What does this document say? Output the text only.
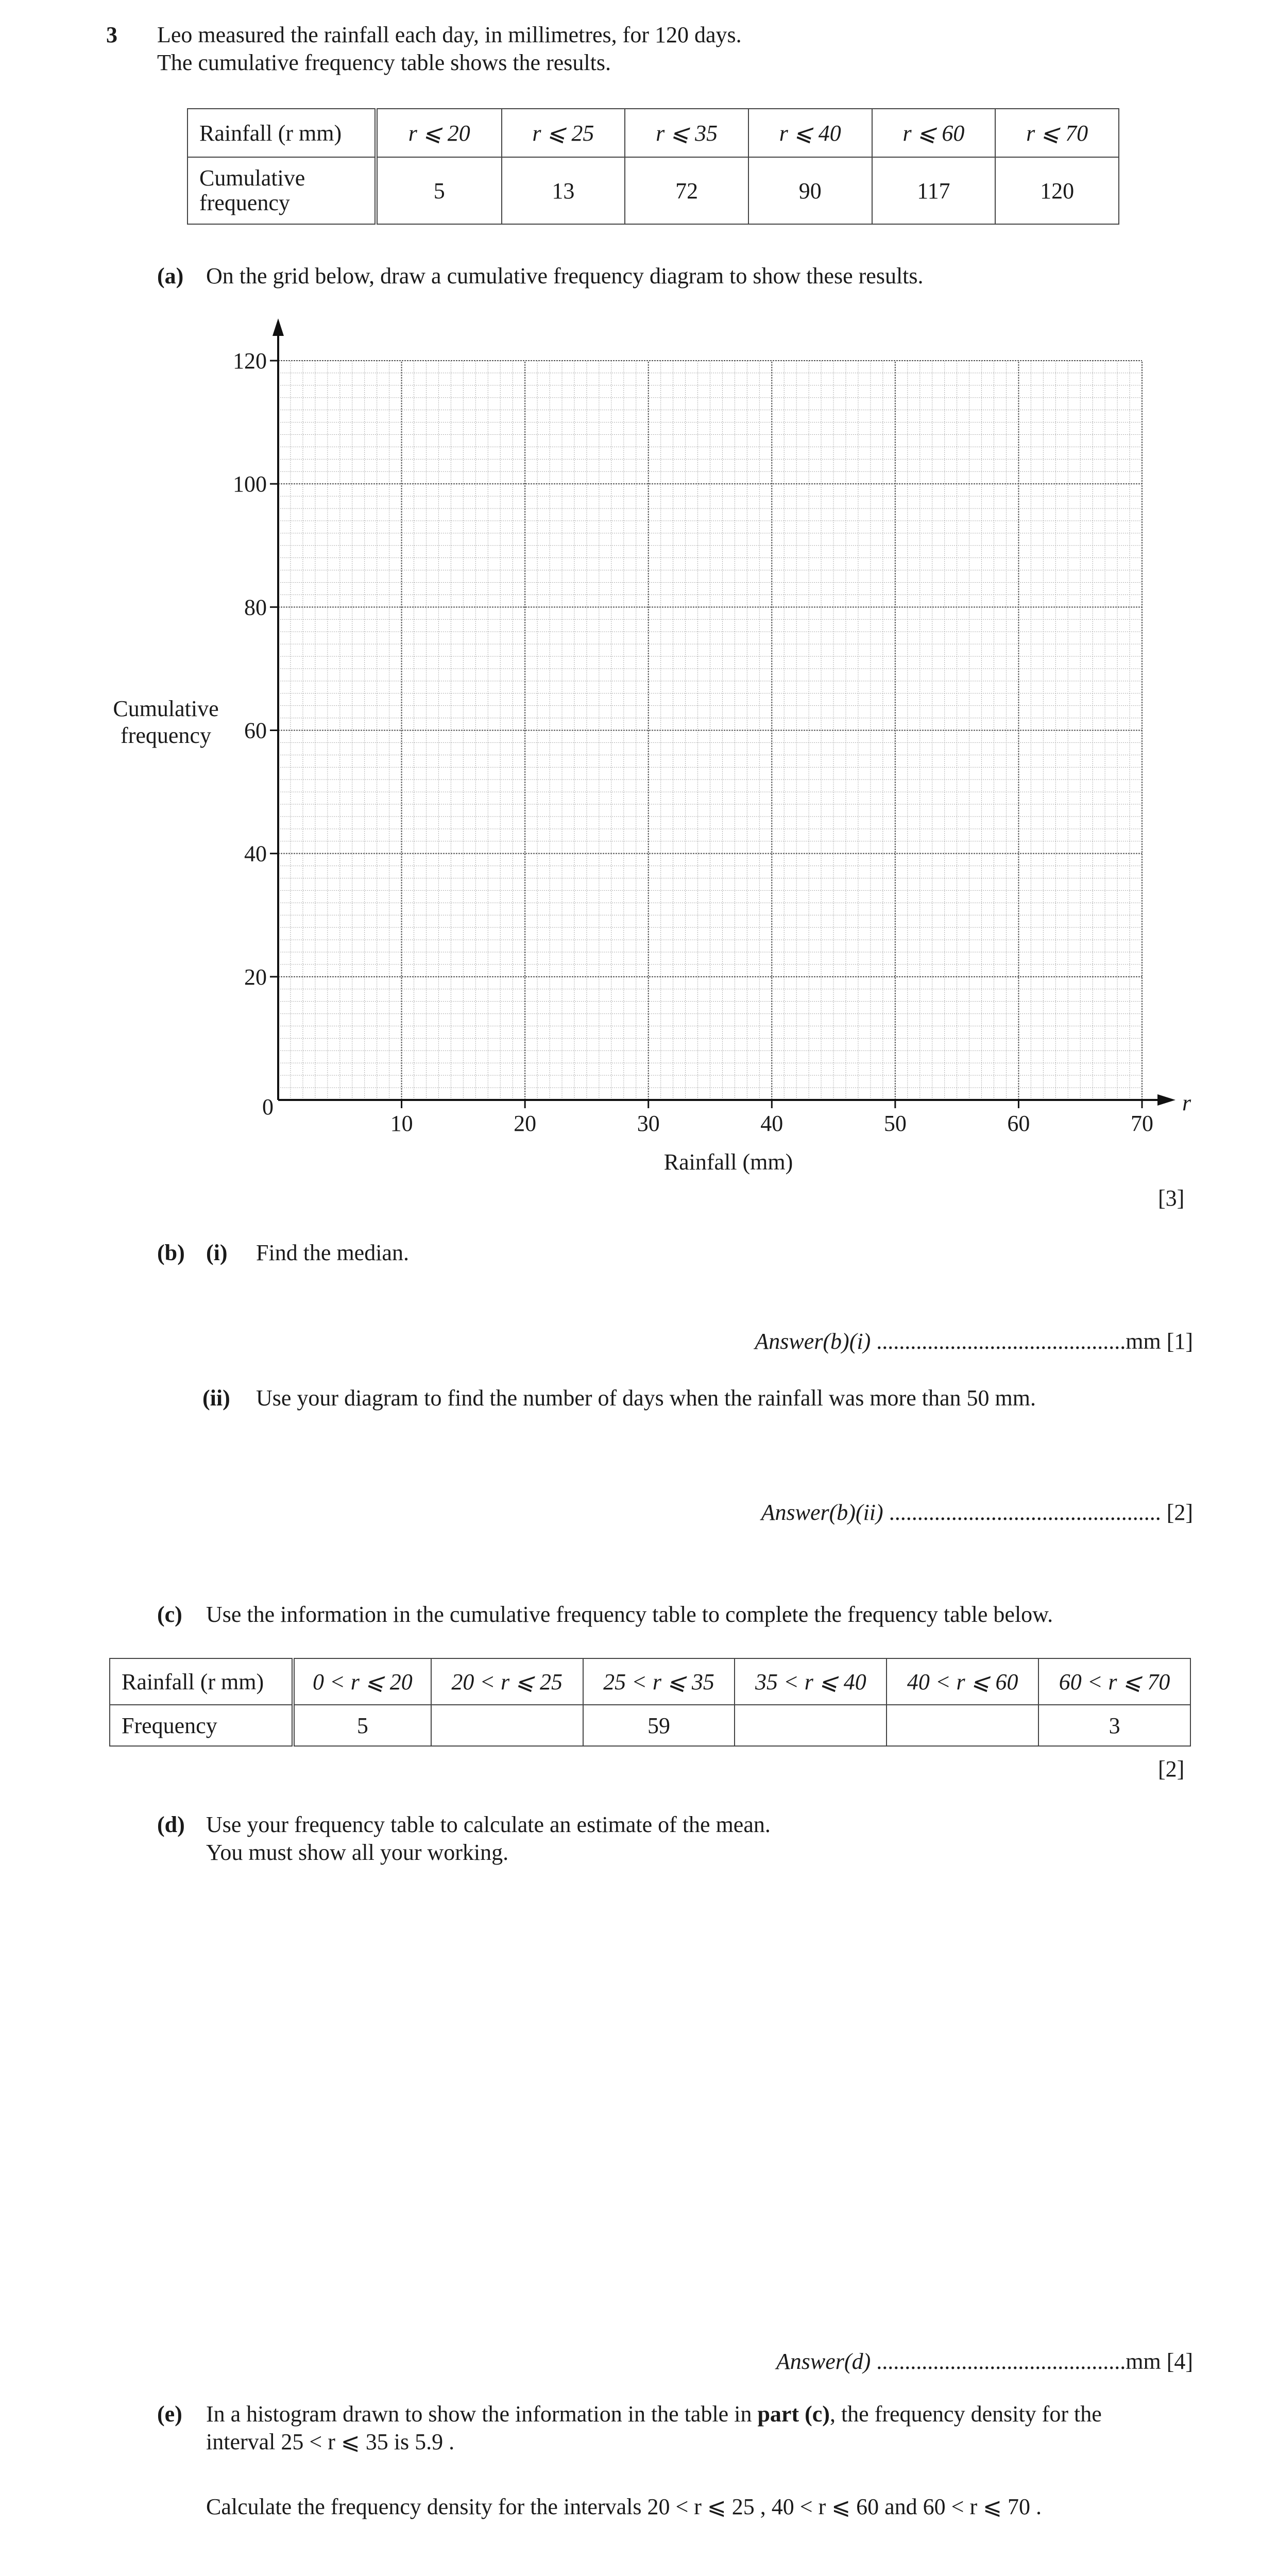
3 Leo measured the rainfall each day, in millimetres, for 120 days.
The cumulative frequency table shows the results.
Rainfall (r mm)	r ⩽ 20	r ⩽ 25	r ⩽ 35	r ⩽ 40	r ⩽ 60	r ⩽ 70
Cumulative
frequency	5	13	72	90	117	120
(a) On the grid below, draw a cumulative frequency diagram to show these results.
0
10	20	30	40	50	60	70
20
40
60
80
100
120
Cumulative
frequency
Rainfall (mm)
r
[3]
(b) (i) Find the median.
Answer(b)(i) ............................................mm [1]
(ii) Use your diagram to find the number of days when the rainfall was more than 50 mm.
Answer(b)(ii) ................................................ [2]
(c) Use the information in the cumulative frequency table to complete the frequency table below.
Rainfall (r mm)	0 < r ⩽ 20	20 < r ⩽ 25	25 < r ⩽ 35	35 < r ⩽ 40	40 < r ⩽ 60	60 < r ⩽ 70
Frequency	5		59			3
[2]
(d) Use your frequency table to calculate an estimate of the mean.
You must show all your working.
Answer(d) ............................................mm [4]
(e) In a histogram drawn to show the information in the table in part (c), the frequency density for the
interval 25 < r ⩽ 35 is 5.9 .
Calculate the frequency density for the intervals 20 < r ⩽ 25 , 40 < r ⩽ 60 and 60 < r ⩽ 70 .
